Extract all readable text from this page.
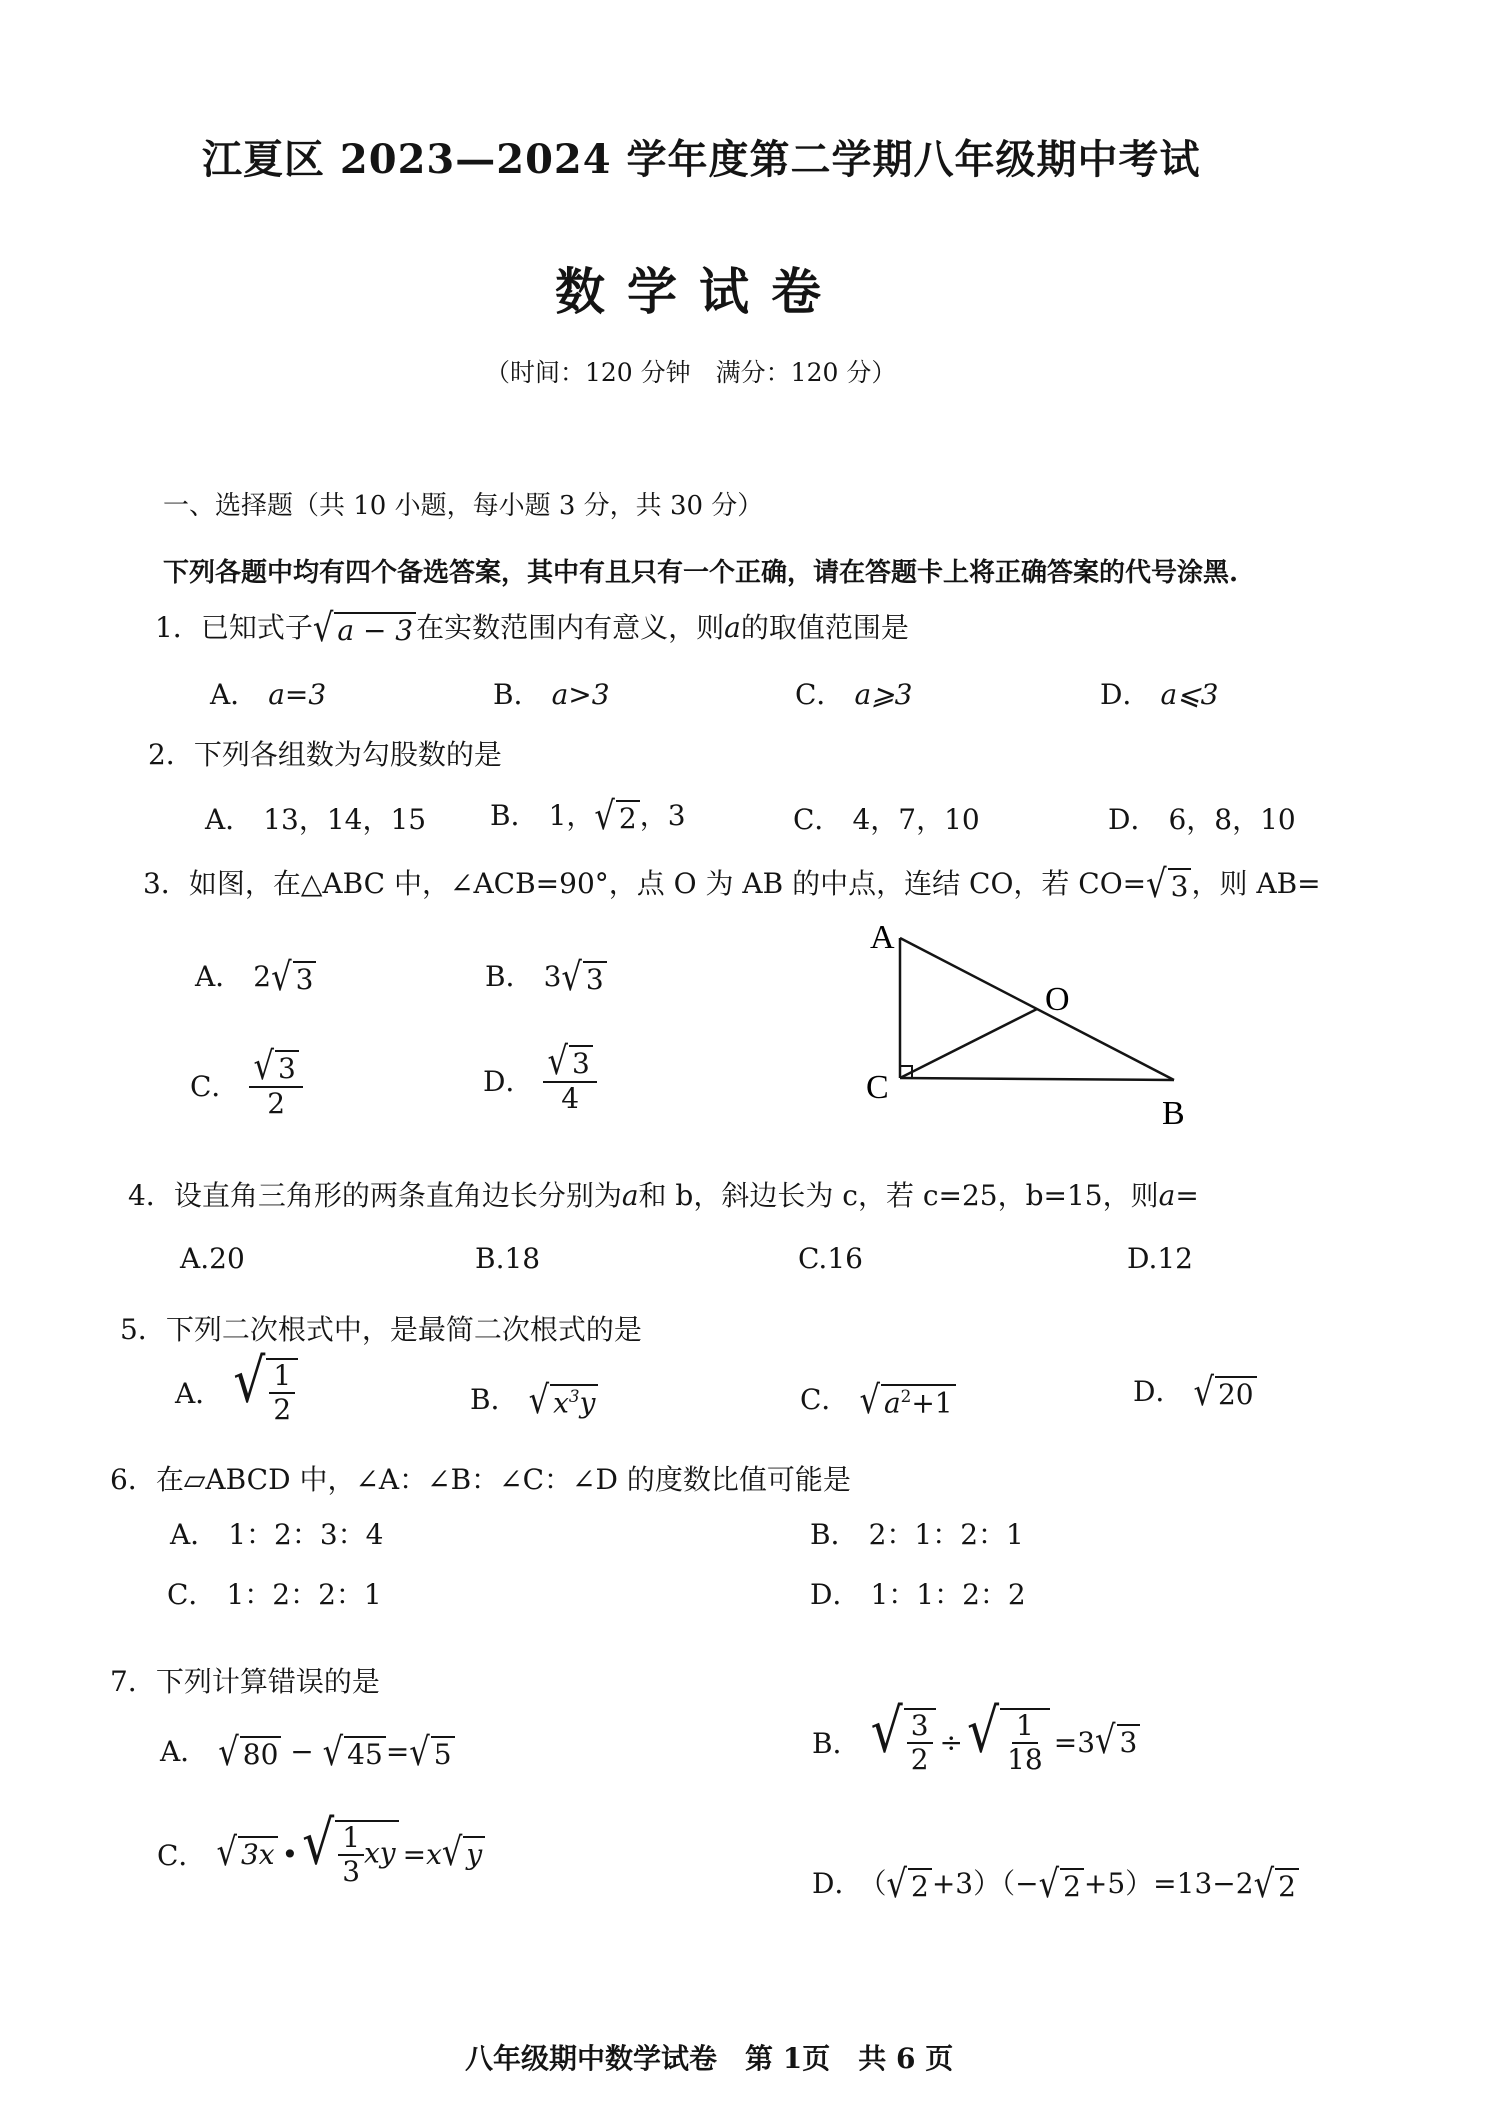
江夏区 2023—2024 学年度第二学期八年级期中考试
数学试卷
（时间：120 分钟　满分：120 分）
一、选择题（共 10 小题，每小题 3 分，共 30 分）
下列各题中均有四个备选答案，其中有且只有一个正确，请在答题卡上将正确答案的代号涂黑.
1．已知式子 √ a − 3 在实数范围内有意义，则a的取值范围是
A． a=3	B． a>3	C． a⩾3	D． a⩽3
2．下列各组数为勾股数的是
A． 13，14，15 B． 1， √ 2 ，3	C． 4，7，10	D． 6，8，10
3．如图，在△ABC 中，∠ACB=90°，点 O 为 AB 的中点，连结 CO，若 CO= √ 3 ，则 AB=
A． 2 √ 3	B． 3 √ 3
C． $\frac{√ 3}{2}$	D． $\frac{√ 3}{4}$
A
O
C
B
4．设直角三角形的两条直角边长分别为a和 b，斜边长为 c，若 c=25，b=15，则a=
A.20	B.18	C.16	D.12
5．下列二次根式中，是最简二次根式的是
A． √ $\frac{1}{2}$	B． √ $x^3y$	C． √ $a^2+1$	D． √ 20
6．在▱ABCD 中，∠A：∠B：∠C：∠D 的度数比值可能是
A． 1：2：3：4	B． 2：1：2：1
C． 1：2：2：1	D． 1：1：2：2
7．下列计算错误的是
A． √ 80 − √ 45 = √ 5	B． √ $\frac{3}{2}$ ÷ √ $\frac{1}{18} =3$ √ 3
C． √ 3x • √ $\frac{1}{3}$ xy =x √ y
D． （ √ 2 +3）（− √ 2 +5）=13−2 √ 2
八年级期中数学试卷　第 1页　共 6 页
